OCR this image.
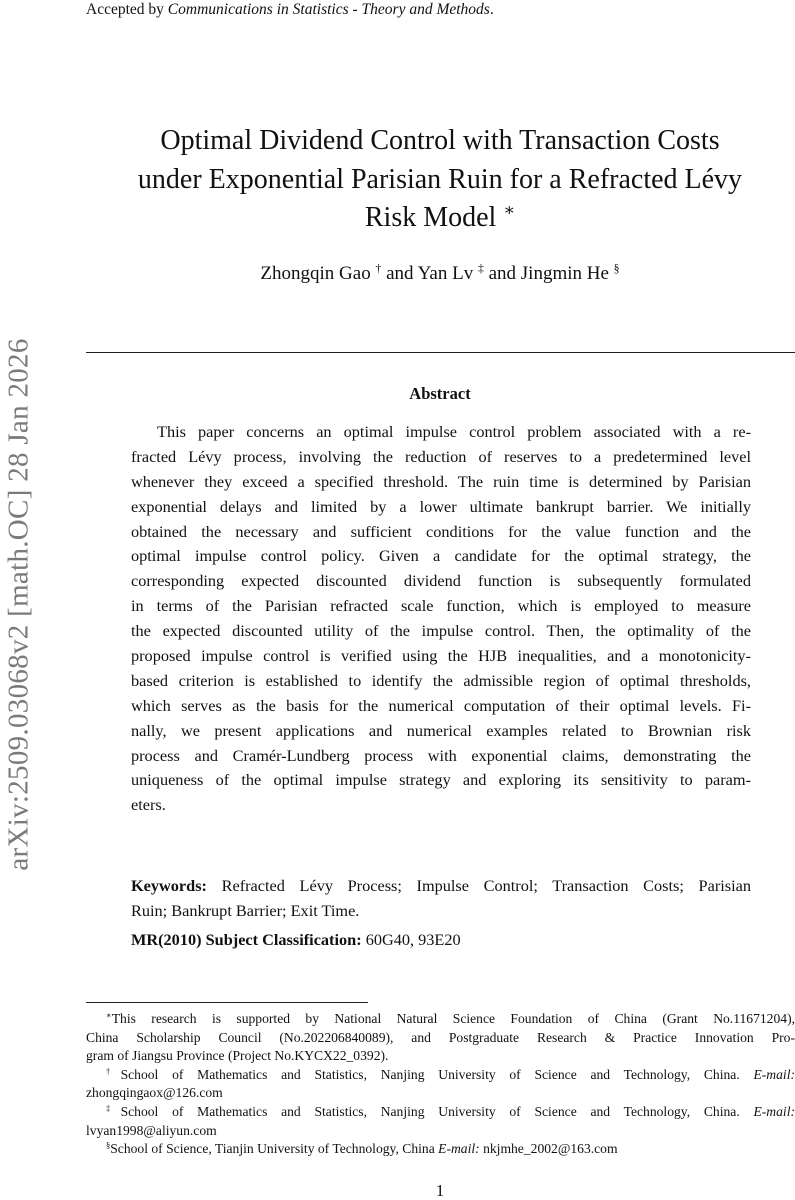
Accepted by Communications in Statistics - Theory and Methods.
arXiv:2509.03068v2 [math.OC] 28 Jan 2026
Optimal Dividend Control with Transaction Costs
under Exponential Parisian Ruin for a Refracted Lévy
Risk Model ∗
Zhongqin Gao † and Yan Lv ‡ and Jingmin He §
Abstract
This paper concerns an optimal impulse control problem associated with a re-
fracted Lévy process, involving the reduction of reserves to a predetermined level
whenever they exceed a specified threshold. The ruin time is determined by Parisian
exponential delays and limited by a lower ultimate bankrupt barrier. We initially
obtained the necessary and sufficient conditions for the value function and the
optimal impulse control policy. Given a candidate for the optimal strategy, the
corresponding expected discounted dividend function is subsequently formulated
in terms of the Parisian refracted scale function, which is employed to measure
the expected discounted utility of the impulse control. Then, the optimality of the
proposed impulse control is verified using the HJB inequalities, and a monotonicity-
based criterion is established to identify the admissible region of optimal thresholds,
which serves as the basis for the numerical computation of their optimal levels. Fi-
nally, we present applications and numerical examples related to Brownian risk
process and Cramér-Lundberg process with exponential claims, demonstrating the
uniqueness of the optimal impulse strategy and exploring its sensitivity to param-
eters.
Keywords: Refracted Lévy Process; Impulse Control; Transaction Costs; Parisian
Ruin; Bankrupt Barrier; Exit Time.
MR(2010) Subject Classification: 60G40, 93E20
∗This research is supported by National Natural Science Foundation of China (Grant No.11671204),
China Scholarship Council (No.202206840089), and Postgraduate Research & Practice Innovation Pro-
gram of Jiangsu Province (Project No.KYCX22_0392).
†School of Mathematics and Statistics, Nanjing University of Science and Technology, China. E-mail:
zhongqingaox@126.com
‡School of Mathematics and Statistics, Nanjing University of Science and Technology, China. E-mail:
lvyan1998@aliyun.com
§School of Science, Tianjin University of Technology, China E-mail: nkjmhe_2002@163.com
1
